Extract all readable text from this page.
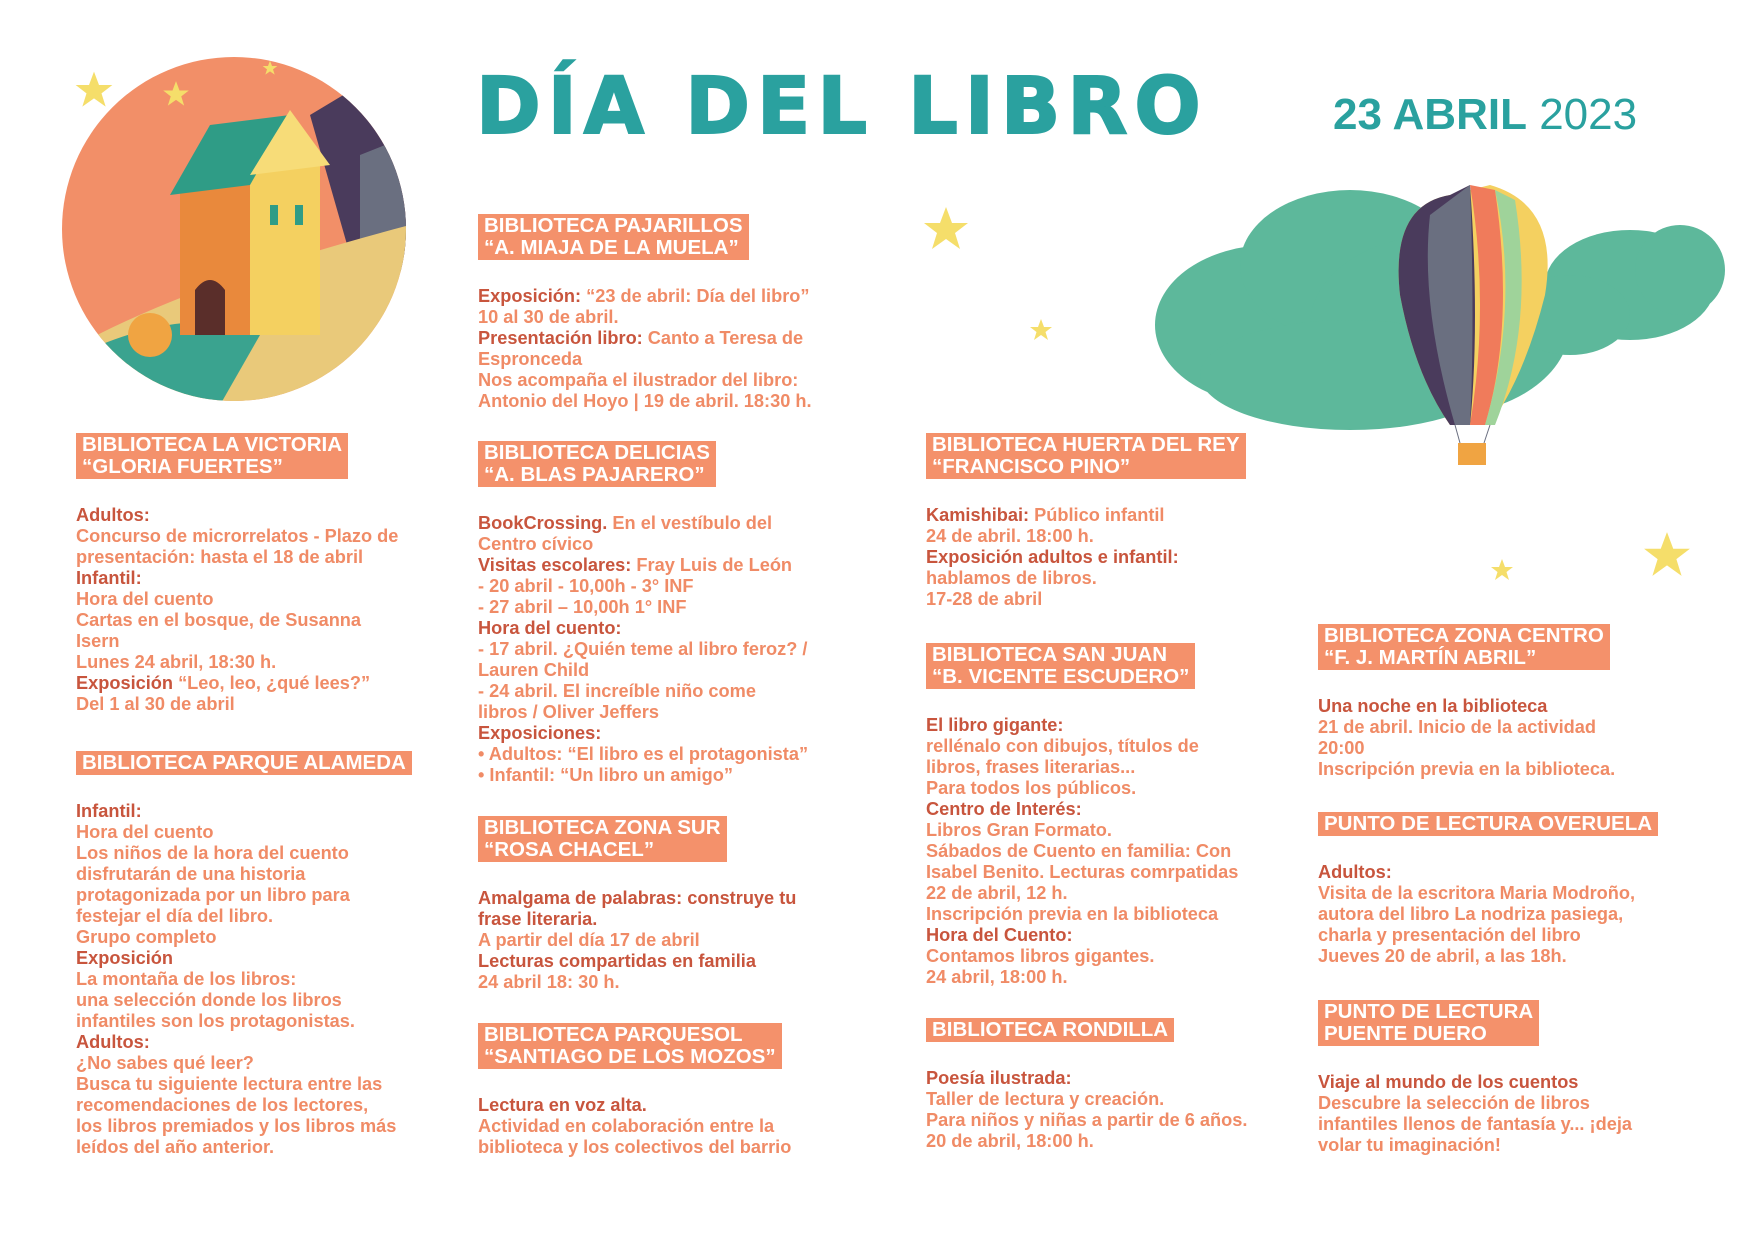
DÍA DEL LIBRO	23 ABRIL 2023
BIBLIOTECA PAJARILLOS
“A. MIAJA DE LA MUELA”
Exposición: “23 de abril: Día del libro”
10 al 30 de abril.
Presentación libro: Canto a Teresa de
Espronceda
Nos acompaña el ilustrador del libro:
Antonio del Hoyo | 19 de abril. 18:30 h.
BIBLIOTECA LA VICTORIA
“GLORIA FUERTES”
Adultos:
Concurso de microrrelatos - Plazo de
presentación: hasta el 18 de abril
Infantil:
Hora del cuento
Cartas en el bosque, de Susanna
Isern
Lunes 24 abril, 18:30 h.
Exposición “Leo, leo, ¿qué lees?”
Del 1 al 30 de abril
BIBLIOTECA DELICIAS
“A. BLAS PAJARERO”
BookCrossing. En el vestíbulo del
Centro cívico
Visitas escolares: Fray Luis de León
- 20 abril - 10,00h - 3° INF
- 27 abril – 10,00h 1° INF
Hora del cuento:
- 17 abril. ¿Quién teme al libro feroz? /
Lauren Child
- 24 abril. El increíble niño come
libros / Oliver Jeffers
Exposiciones:
• Adultos: “El libro es el protagonista”
• Infantil: “Un libro un amigo”
BIBLIOTECA HUERTA DEL REY
“FRANCISCO PINO”
Kamishibai: Público infantil
24 de abril. 18:00 h.
Exposición adultos e infantil:
hablamos de libros.
17-28 de abril
BIBLIOTECA PARQUE ALAMEDA
Infantil:
Hora del cuento
Los niños de la hora del cuento
disfrutarán de una historia
protagonizada por un libro para
festejar el día del libro.
Grupo completo
Exposición
La montaña de los libros:
una selección donde los libros
infantiles son los protagonistas.
Adultos:
¿No sabes qué leer?
Busca tu siguiente lectura entre las
recomendaciones de los lectores,
los libros premiados y los libros más
leídos del año anterior.
BIBLIOTECA ZONA SUR
“ROSA CHACEL”
Amalgama de palabras: construye tu
frase literaria.
A partir del día 17 de abril
Lecturas compartidas en familia
24 abril 18: 30 h.
BIBLIOTECA SAN JUAN
“B. VICENTE ESCUDERO”
El libro gigante:
rellénalo con dibujos, títulos de
libros, frases literarias...
Para todos los públicos.
Centro de Interés:
Libros Gran Formato.
Sábados de Cuento en familia: Con
Isabel Benito. Lecturas comrpatidas
22 de abril, 12 h.
Inscripción previa en la biblioteca
Hora del Cuento:
Contamos libros gigantes.
24 abril, 18:00 h.
BIBLIOTECA ZONA CENTRO
“F. J. MARTÍN ABRIL”
Una noche en la biblioteca
21 de abril. Inicio de la actividad
20:00
Inscripción previa en la biblioteca.
PUNTO DE LECTURA OVERUELA
Adultos:
Visita de la escritora Maria Modroño,
autora del libro La nodriza pasiega,
charla y presentación del libro
Jueves 20 de abril, a las 18h.
BIBLIOTECA PARQUESOL
“SANTIAGO DE LOS MOZOS”
Lectura en voz alta.
Actividad en colaboración entre la
biblioteca y los colectivos del barrio
BIBLIOTECA RONDILLA
Poesía ilustrada:
Taller de lectura y creación.
Para niños y niñas a partir de 6 años.
20 de abril, 18:00 h.
PUNTO DE LECTURA
PUENTE DUERO
Viaje al mundo de los cuentos
Descubre la selección de libros
infantiles llenos de fantasía y... ¡deja
volar tu imaginación!
